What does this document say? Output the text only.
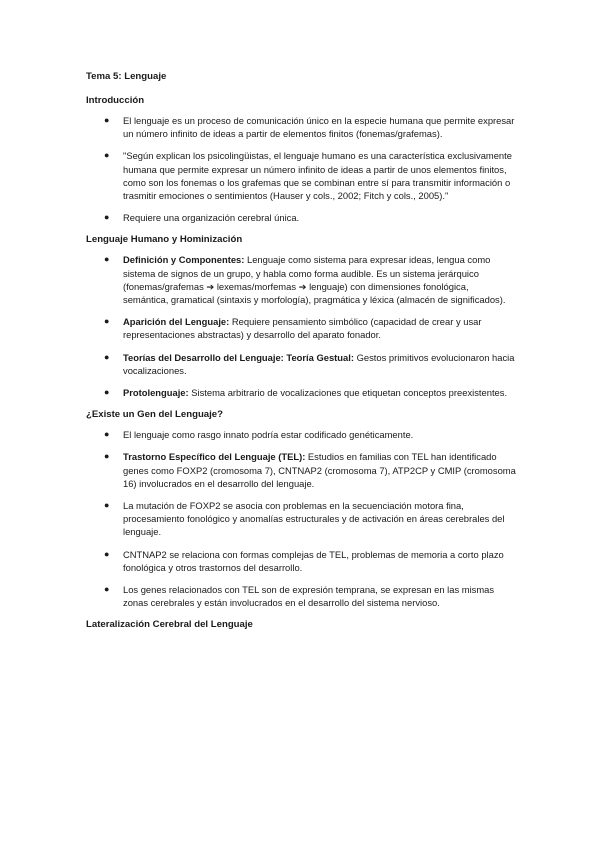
Tema 5: Lenguaje
Introducción
● El lenguaje es un proceso de comunicación único en la especie humana que permite expresar un número infinito de ideas a partir de elementos finitos (fonemas/grafemas).
● "Según explican los psicolingüistas, el lenguaje humano es una característica exclusivamente humana que permite expresar un número infinito de ideas a partir de unos elementos finitos, como son los fonemas o los grafemas que se combinan entre sí para transmitir información o trasmitir emociones o sentimientos (Hauser y cols., 2002; Fitch y cols., 2005)."
● Requiere una organización cerebral única.
Lenguaje Humano y Hominización
● Definición y Componentes: Lenguaje como sistema para expresar ideas, lengua como sistema de signos de un grupo, y habla como forma audible. Es un sistema jerárquico (fonemas/grafemas ➔ lexemas/morfemas ➔ lenguaje) con dimensiones fonológica, semántica, gramatical (sintaxis y morfología), pragmática y léxica (almacén de significados).
● Aparición del Lenguaje: Requiere pensamiento simbólico (capacidad de crear y usar representaciones abstractas) y desarrollo del aparato fonador.
● Teorías del Desarrollo del Lenguaje: Teoría Gestual: Gestos primitivos evolucionaron hacia vocalizaciones.
● Protolenguaje: Sistema arbitrario de vocalizaciones que etiquetan conceptos preexistentes.
¿Existe un Gen del Lenguaje?
● El lenguaje como rasgo innato podría estar codificado genéticamente.
● Trastorno Específico del Lenguaje (TEL): Estudios en familias con TEL han identificado genes como FOXP2 (cromosoma 7), CNTNAP2 (cromosoma 7), ATP2CP y CMIP (cromosoma 16) involucrados en el desarrollo del lenguaje.
● La mutación de FOXP2 se asocia con problemas en la secuenciación motora fina, procesamiento fonológico y anomalías estructurales y de activación en áreas cerebrales del lenguaje.
● CNTNAP2 se relaciona con formas complejas de TEL, problemas de memoria a corto plazo fonológica y otros trastornos del desarrollo.
● Los genes relacionados con TEL son de expresión temprana, se expresan en las mismas zonas cerebrales y están involucrados en el desarrollo del sistema nervioso.
Lateralización Cerebral del Lenguaje
